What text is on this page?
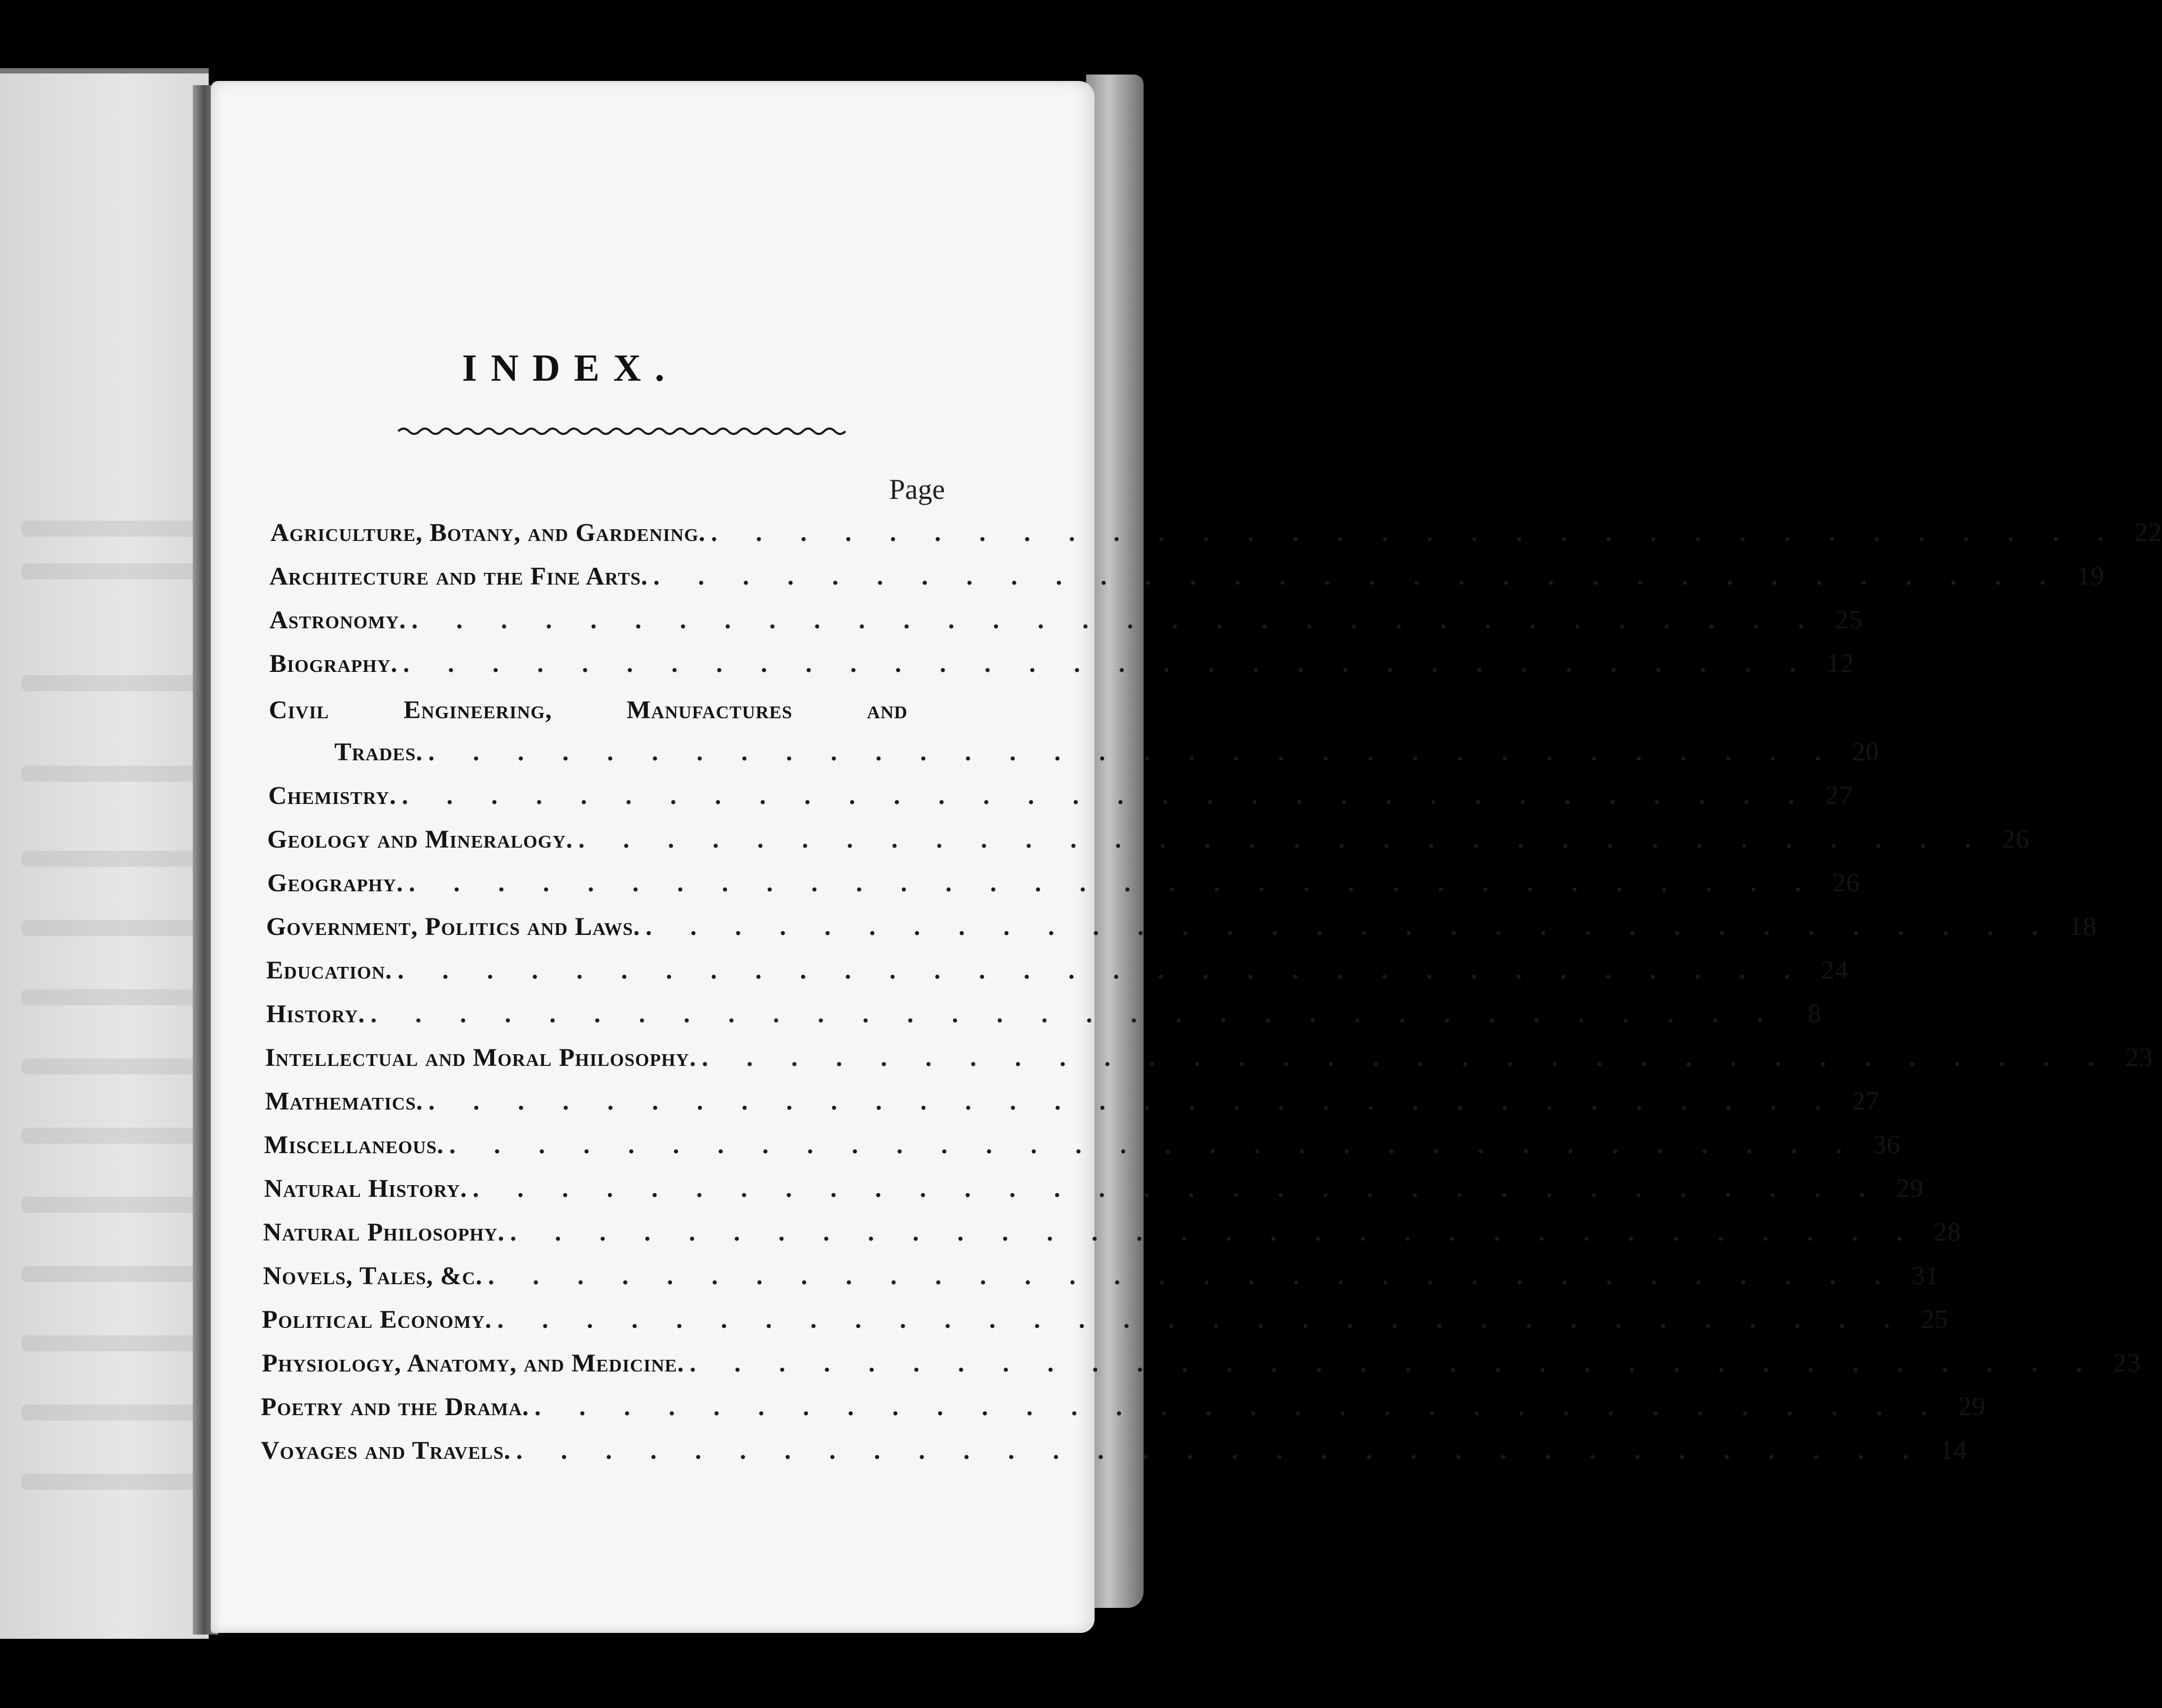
INDEX.
Page
Agriculture, Botany, and Gardening. . . . . . . . . . . . . . . . . . . . . . . . . . . . . . . . . 22
Architecture and the Fine Arts. . . . . . . . . . . . . . . . . . . . . . . . . . . . . . . . . 19
Astronomy. . . . . . . . . . . . . . . . . . . . . . . . . . . . . . . . . 25
Biography. . . . . . . . . . . . . . . . . . . . . . . . . . . . . . . . . 12
Civil	Engineering,	Manufactures	and
Trades. . . . . . . . . . . . . . . . . . . . . . . . . . . . . . . . . 20
Chemistry. . . . . . . . . . . . . . . . . . . . . . . . . . . . . . . . . 27
Geology and Mineralogy. . . . . . . . . . . . . . . . . . . . . . . . . . . . . . . . . 26
Geography. . . . . . . . . . . . . . . . . . . . . . . . . . . . . . . . . 26
Government, Politics and Laws. . . . . . . . . . . . . . . . . . . . . . . . . . . . . . . . . 18
Education. . . . . . . . . . . . . . . . . . . . . . . . . . . . . . . . . 24
History. . . . . . . . . . . . . . . . . . . . . . . . . . . . . . . . .	8
Intellectual and Moral Philosophy. . . . . . . . . . . . . . . . . . . . . . . . . . . . . . . . . 23
Mathematics. . . . . . . . . . . . . . . . . . . . . . . . . . . . . . . . . 27
Miscellaneous. . . . . . . . . . . . . . . . . . . . . . . . . . . . . . . . . 36
Natural History. . . . . . . . . . . . . . . . . . . . . . . . . . . . . . . . . 29
Natural Philosophy. . . . . . . . . . . . . . . . . . . . . . . . . . . . . . . . . 28
Novels, Tales, &c. . . . . . . . . . . . . . . . . . . . . . . . . . . . . . . . . 31
Political Economy. . . . . . . . . . . . . . . . . . . . . . . . . . . . . . . . . 25
Physiology, Anatomy, and Medicine. . . . . . . . . . . . . . . . . . . . . . . . . . . . . . . . . 23
Poetry and the Drama. . . . . . . . . . . . . . . . . . . . . . . . . . . . . . . . . 29
Voyages and Travels. . . . . . . . . . . . . . . . . . . . . . . . . . . . . . . . . 14
